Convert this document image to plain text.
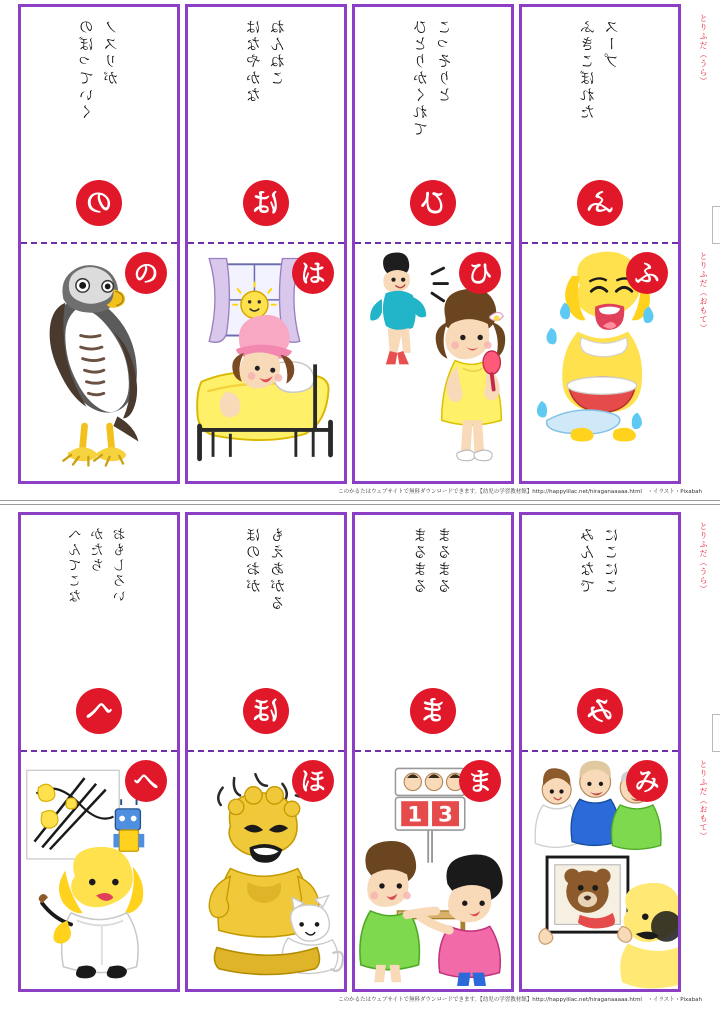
のぼっていく ノスリが
の
の
はなやかな ねんねこ
は
は
ひとりかくれて こっそりと
ひ
ひ
ふきこぼれた スープ
ふ
ふ
とりふだ（うら）
とりふだ（おもて）
このかるたはウェブサイトで無料ダウンロードできます。【幼児の学習教材館】http://happylilac.net/hiraganaaaaa.html　・イラスト・Pixabah
へんてこな かたち おもしろい
へ
へ
ほのおが もえあがる
ほ
ほ
まるまる まるまる
ま
1 3
ま
みんなで にこにこ
み
み
とりふだ（うら）
とりふだ（おもて）
このかるたはウェブサイトで無料ダウンロードできます。【幼児の学習教材館】http://happylilac.net/hiraganaaaaa.html　・イラスト・Pixabah
